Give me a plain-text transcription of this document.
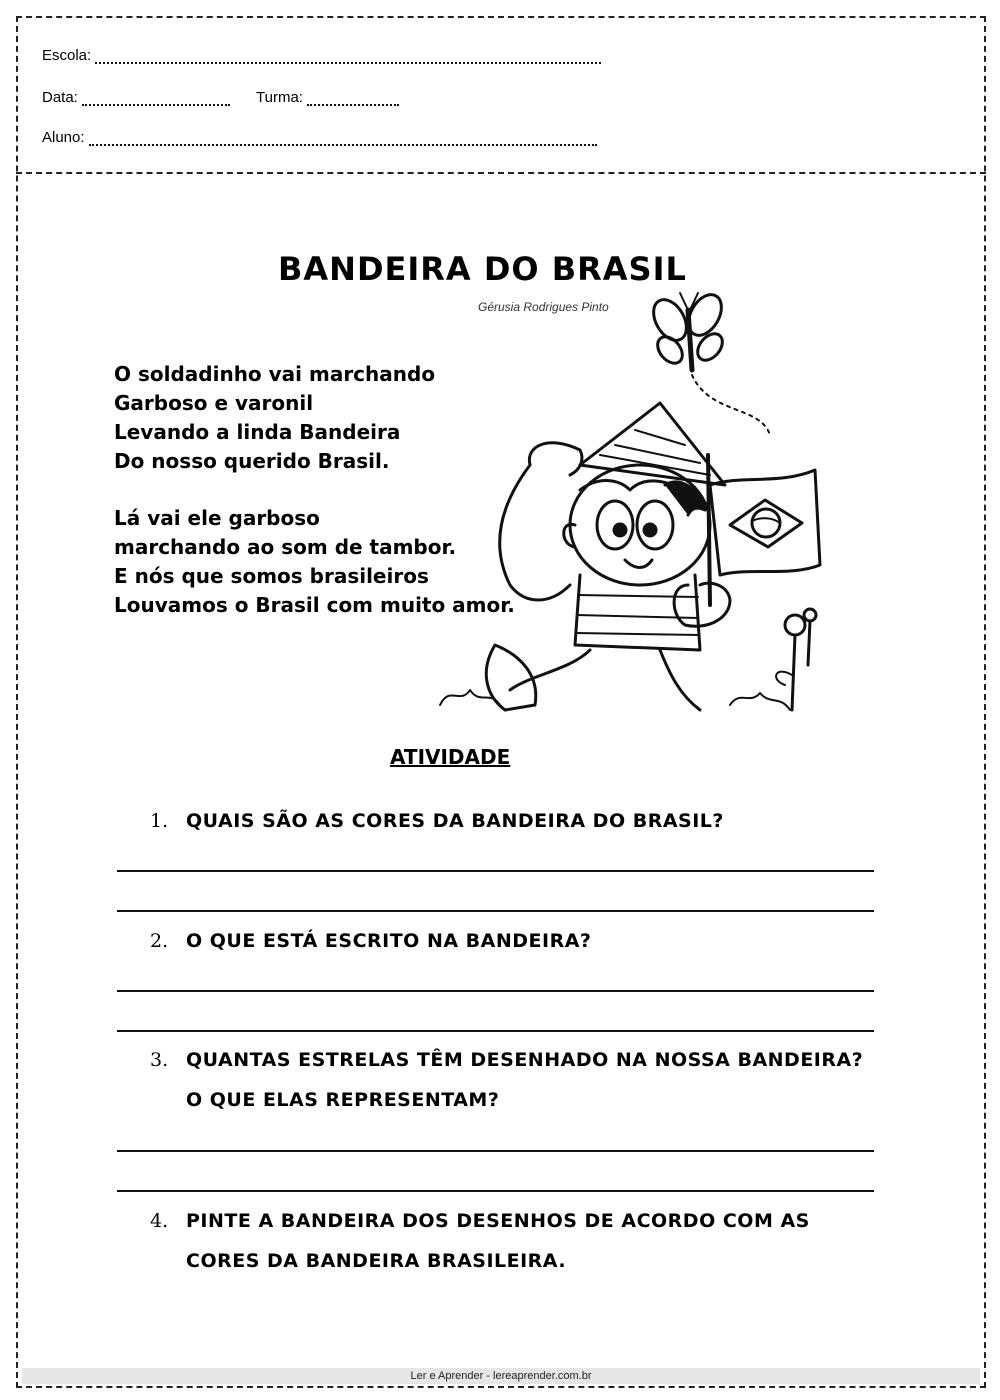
Escola:
Data:	Turma:
Aluno:
BANDEIRA DO BRASIL
Gérusia Rodrigues Pinto
O soldadinho vai marchando
Garboso e varonil
Levando a linda Bandeira
Do nosso querido Brasil.
Lá vai ele garboso
marchando ao som de tambor.
E nós que somos brasileiros
Louvamos o Brasil com muito amor.
ATIVIDADE
1. QUAIS SÃO AS CORES DA BANDEIRA DO BRASIL?
2. O QUE ESTÁ ESCRITO NA BANDEIRA?
3. QUANTAS ESTRELAS TÊM DESENHADO NA NOSSA BANDEIRA? O QUE ELAS REPRESENTAM?
4. PINTE A BANDEIRA DOS DESENHOS DE ACORDO COM AS CORES DA BANDEIRA BRASILEIRA.
Ler e Aprender - lereaprender.com.br
